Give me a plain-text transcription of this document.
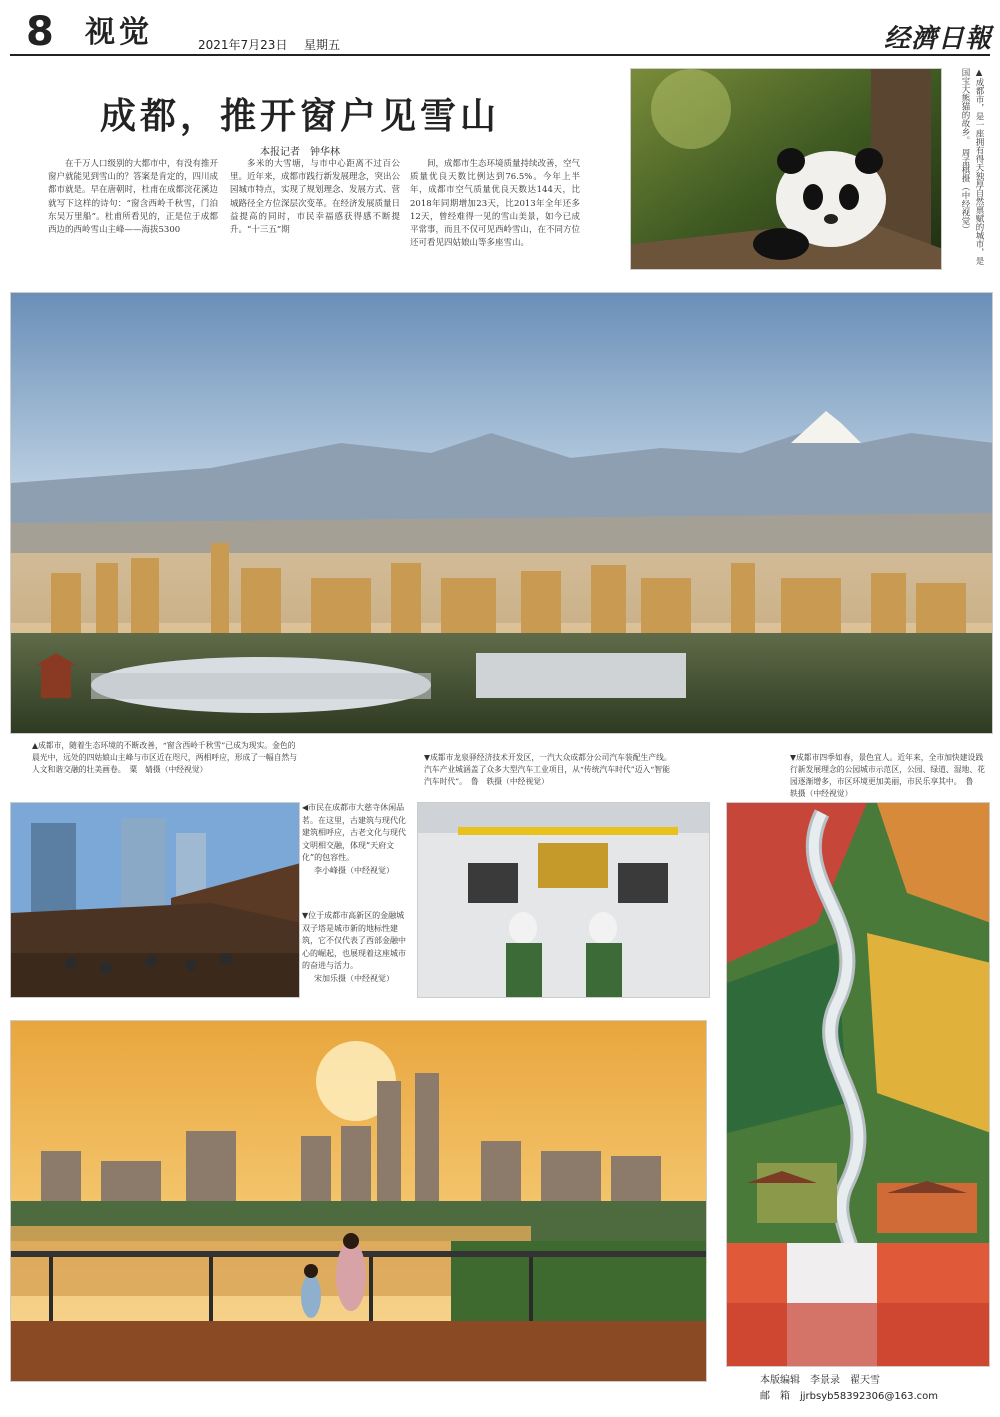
8 视觉	2021年7月23日 星期五	经濟日報
成都，推开窗户见雪山
本报记者　钟华林

在千万人口级别的大都市中，有没有推开窗户就能见到雪山的？答案是肯定的，四川成都市就是。早在唐朝时，杜甫在成都浣花溪边就写下这样的诗句：“窗含西岭千秋雪，门泊东吴万里船”。杜甫所看见的，正是位于成都西边的西岭雪山主峰——海拔5300

多米的大雪塘，与市中心距离不过百公里。近年来，成都市践行新发展理念，突出公园城市特点，实现了规划理念、发展方式、营城路径全方位深层次变革。在经济发展质量日益提高的同时，市民幸福感获得感不断提升。“十三五”期

间，成都市生态环境质量持续改善，空气质量优良天数比例达到76.5%。今年上半年，成都市空气质量优良天数达144天，比2018年同期增加23天，比2013年全年还多12天，曾经难得一见的雪山美景，如今已成平常事，而且不仅可见西岭雪山，在不同方位还可看见四姑娘山等多座雪山。	▲成都市，是一座拥有得天独厚自然禀赋的城市，是国宝大熊猫的故乡。　周孟棋摄（中经视觉）
▲成都市，随着生态环境的不断改善，“窗含西岭千秋雪”已成为现实。金色的晨光中，远处的四姑娘山主峰与市区近在咫尺，两相呼应，形成了一幅自然与人文和谐交融的壮美画卷。　 粟　婧摄（中经视觉）
▼成都市龙泉驿经济技术开发区，一汽大众成都分公司汽车装配生产线。汽车产业城涵盖了众多大型汽车工业项目，从“传统汽车时代”迈入“智能汽车时代”。　 鲁　轶摄（中经视觉）
▼成都市四季如春，景色宜人。近年来，全市加快建设践行新发展理念的公园城市示范区，公园、绿道、湿地、花园逐渐增多，市区环境更加美丽，市民乐享其中。　 鲁　轶摄（中经视觉）
◀市民在成都市大慈寺休闲品茗。在这里，古建筑与现代化建筑相呼应，古老文化与现代文明相交融，体现“天府文化”的包容性。
李小峰摄（中经视觉）
▼位于成都市高新区的金融城双子塔是城市新的地标性建筑，它不仅代表了西部金融中心的崛起，也展现着这座城市的奋进与活力。
宋加乐摄（中经视觉）
本版编辑　李景录　翟天雪
邮　箱　 jjrbsyb58392306@163.com
